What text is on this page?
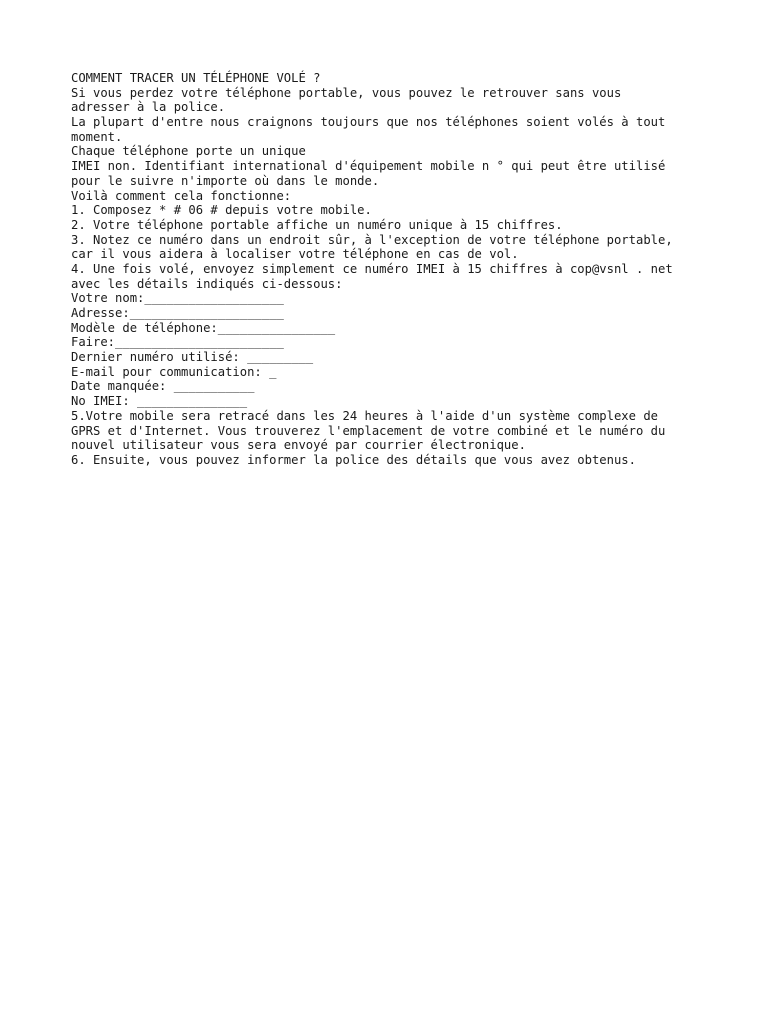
COMMENT TRACER UN TÉLÉPHONE VOLÉ ?
Si vous perdez votre téléphone portable, vous pouvez le retrouver sans vous
adresser à la police.
La plupart d'entre nous craignons toujours que nos téléphones soient volés à tout
moment.
Chaque téléphone porte un unique
IMEI non. Identifiant international d'équipement mobile n ° qui peut être utilisé
pour le suivre n'importe où dans le monde.
Voilà comment cela fonctionne:
1. Composez * # 06 # depuis votre mobile.
2. Votre téléphone portable affiche un numéro unique à 15 chiffres.
3. Notez ce numéro dans un endroit sûr, à l'exception de votre téléphone portable,
car il vous aidera à localiser votre téléphone en cas de vol.
4. Une fois volé, envoyez simplement ce numéro IMEI à 15 chiffres à cop@vsnl . net
avec les détails indiqués ci-dessous:
Votre nom:___________________
Adresse:_____________________
Modèle de téléphone:________________
Faire:_______________________
Dernier numéro utilisé: _________
E-mail pour communication: _
Date manquée: ___________
No IMEI: _______________
5.Votre mobile sera retracé dans les 24 heures à l'aide d'un système complexe de
GPRS et d'Internet. Vous trouverez l'emplacement de votre combiné et le numéro du
nouvel utilisateur vous sera envoyé par courrier électronique.
6. Ensuite, vous pouvez informer la police des détails que vous avez obtenus.
